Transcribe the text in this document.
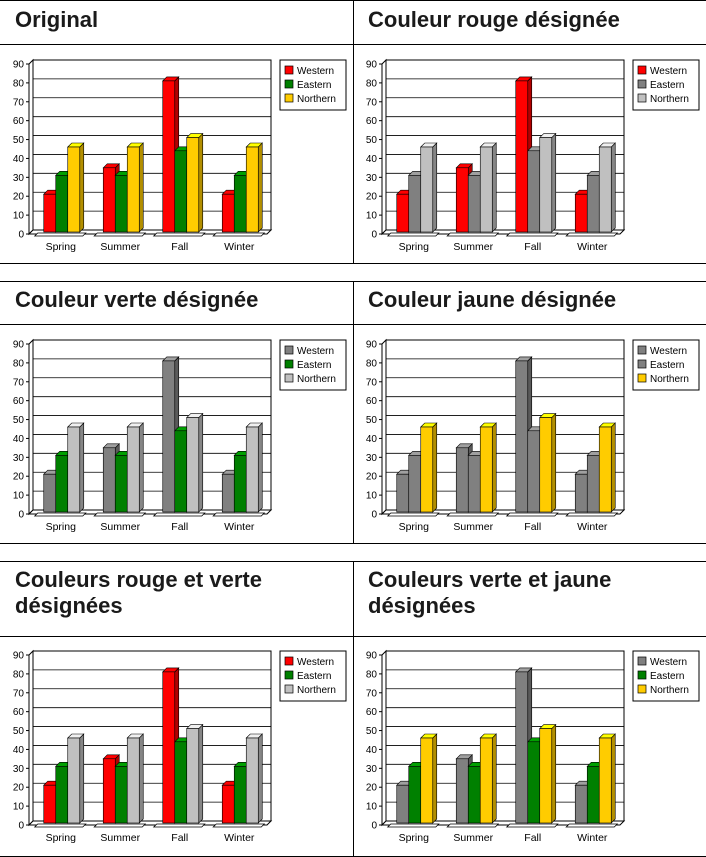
Original
0
10
20
30
40
50
60
70
80
90
Spring Summer	Fall	Winter
Western
Eastern
Northern
Couleur rouge désignée
0
10
20
30
40
50
60
70
80
90
Spring Summer	Fall	Winter
Western
Eastern
Northern
Couleur verte désignée
0
10
20
30
40
50
60
70
80
90
Spring Summer	Fall	Winter
Western
Eastern
Northern
Couleur jaune désignée
0
10
20
30
40
50
60
70
80
90
Spring Summer	Fall	Winter
Western
Eastern
Northern
Couleurs rouge et verte désignées
0
10
20
30
40
50
60
70
80
90
Spring Summer	Fall	Winter
Western
Eastern
Northern
Couleurs verte et jaune désignées
0
10
20
30
40
50
60
70
80
90
Spring Summer	Fall	Winter
Western
Eastern
Northern
